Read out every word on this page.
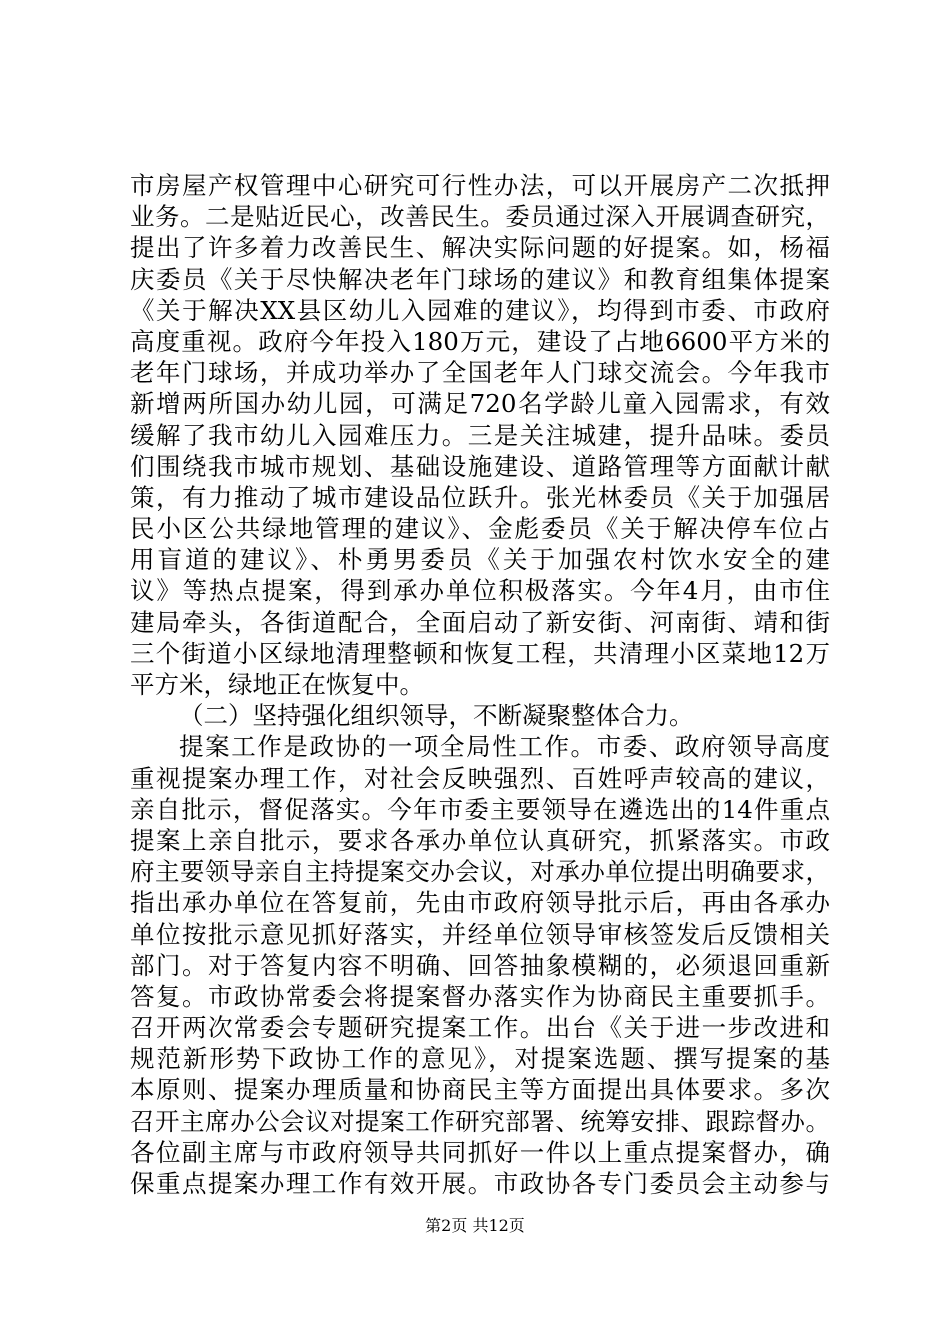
市房屋产权管理中心研究可行性办法，可以开展房产二次抵押
业务。二是贴近民心，改善民生。委员通过深入开展调查研究，
提出了许多着力改善民生、解决实际问题的好提案。如，杨福
庆委员《关于尽快解决老年门球场的建议》和教育组集体提案
《关于解决XX县区幼儿入园难的建议》，均得到市委、市政府
高度重视。政府今年投入180万元，建设了占地6600平方米的
老年门球场，并成功举办了全国老年人门球交流会。今年我市
新增两所国办幼儿园，可满足720名学龄儿童入园需求，有效
缓解了我市幼儿入园难压力。三是关注城建，提升品味。委员
们围绕我市城市规划、基础设施建设、道路管理等方面献计献
策，有力推动了城市建设品位跃升。张光林委员《关于加强居
民小区公共绿地管理的建议》、金彪委员《关于解决停车位占
用盲道的建议》、朴勇男委员《关于加强农村饮水安全的建
议》等热点提案，得到承办单位积极落实。今年4月，由市住
建局牵头，各街道配合，全面启动了新安街、河南街、靖和街
三个街道小区绿地清理整顿和恢复工程，共清理小区菜地12万
平方米，绿地正在恢复中。
（二）坚持强化组织领导，不断凝聚整体合力。
提案工作是政协的一项全局性工作。市委、政府领导高度
重视提案办理工作，对社会反映强烈、百姓呼声较高的建议，
亲自批示，督促落实。今年市委主要领导在遴选出的14件重点
提案上亲自批示，要求各承办单位认真研究，抓紧落实。市政
府主要领导亲自主持提案交办会议，对承办单位提出明确要求，
指出承办单位在答复前，先由市政府领导批示后，再由各承办
单位按批示意见抓好落实，并经单位领导审核签发后反馈相关
部门。对于答复内容不明确、回答抽象模糊的，必须退回重新
答复。市政协常委会将提案督办落实作为协商民主重要抓手。
召开两次常委会专题研究提案工作。出台《关于进一步改进和
规范新形势下政协工作的意见》，对提案选题、撰写提案的基
本原则、提案办理质量和协商民主等方面提出具体要求。多次
召开主席办公会议对提案工作研究部署、统筹安排、跟踪督办。
各位副主席与市政府领导共同抓好一件以上重点提案督办，确
保重点提案办理工作有效开展。市政协各专门委员会主动参与
第2页 共12页
